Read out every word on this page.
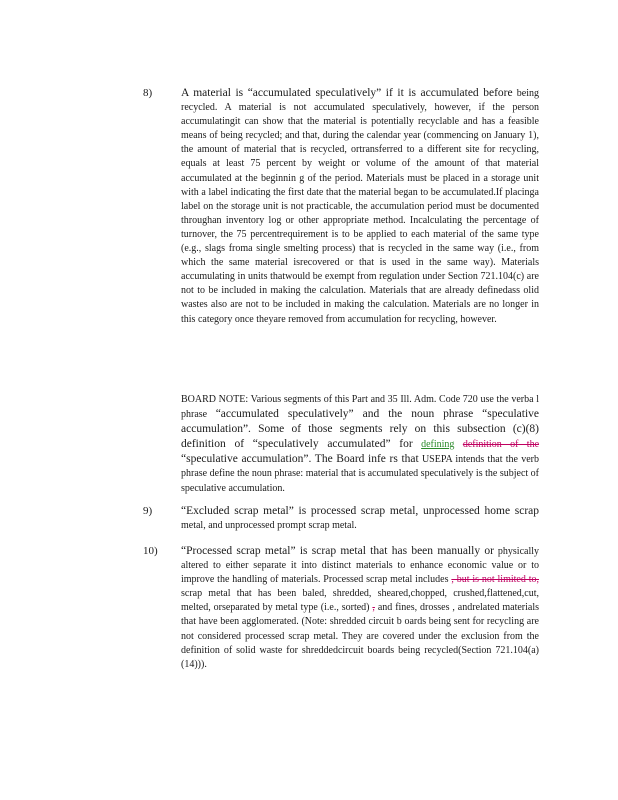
8)	A material is “accumulated speculatively” if it is accumulated before being recycled. A material is not accumulated speculatively, however, if the person accumulatingit can show that the material is potentially recyclable and has a feasible means of being recycled; and that, during the calendar year (commencing on January 1), the amount of material that is recycled, ortransferred to a different site for recycling, equals at least 75 percent by weight or volume of the amount of that material accumulated at the beginnin g of the period. Materials must be placed in a storage unit with a label indicating the first date that the material began to be accumulated.If placinga label on the storage unit is not practicable, the accumulation period must be documented throughan inventory log or other appropriate method. Incalculating the percentage of turnover, the 75 percentrequirement is to be applied to each material of the same type (e.g., slags froma single smelting process) that is recycled in the same way (i.e., from which the same material isrecovered or that is used in the same way). Materials accumulating in units thatwould be exempt from regulation under Section 721.104(c) are not to be included in making the calculation. Materials that are already definedass olid wastes also are not to be included in making the calculation. Materials are no longer in this category once theyare removed from accumulation for recycling, however.
BOARD NOTE: Various segments of this Part and 35 Ill. Adm. Code 720 use the verba l phrase “accumulated speculatively” and the noun phrase “speculative accumulation”. Some of those segments rely on this subsection (c)(8) definition of “speculatively accumulated” for defining definition of the “speculative accumulation”. The Board infe rs that USEPA intends that the verb phrase define the noun phrase: material that is accumulated speculatively is the subject of speculative accumulation.
9)	“Excluded scrap metal” is processed scrap metal, unprocessed home scrap metal, and unprocessed prompt scrap metal.
10) “Processed scrap metal” is scrap metal that has been manually or physically altered to either separate it into distinct materials to enhance economic value or to improve the handling of materials. Processed scrap metal includes , but is not limited to, scrap metal that has been baled, shredded, sheared,chopped, crushed,flattened,cut, melted, orseparated by metal type (i.e., sorted) , and fines, drosses , andrelated materials that have been agglomerated. (Note: shredded circuit b oards being sent for recycling are not considered processed scrap metal. They are covered under the exclusion from the definition of solid waste for shreddedcircuit boards being recycled(Section 721.104(a)(14))).
